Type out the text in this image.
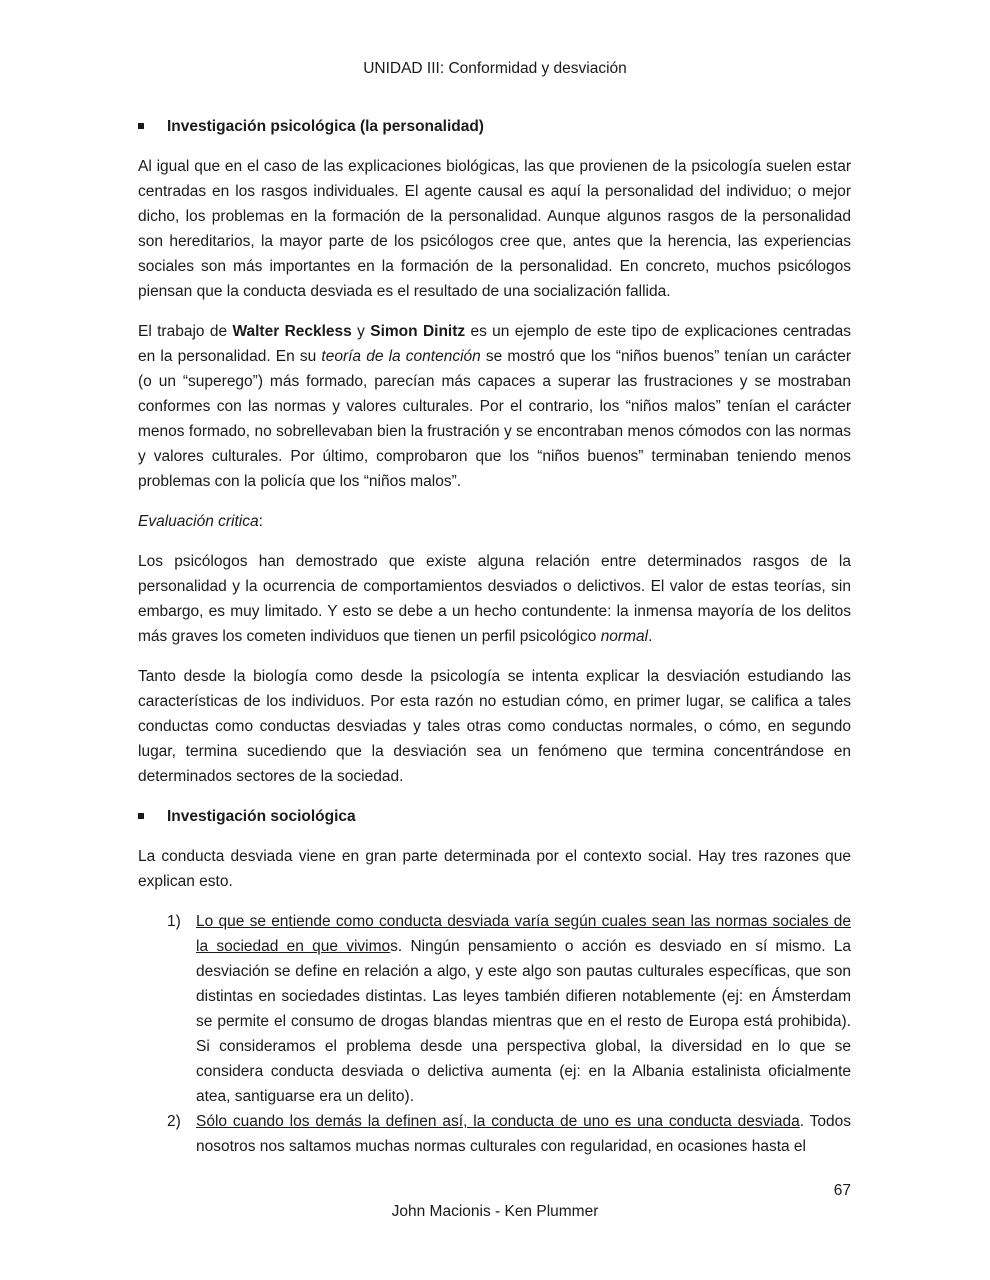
UNIDAD III: Conformidad y desviación
Investigación psicológica (la personalidad)

Al igual que en el caso de las explicaciones biológicas, las que provienen de la psicología suelen estar centradas en los rasgos individuales. El agente causal es aquí la personalidad del individuo; o mejor dicho, los problemas en la formación de la personalidad. Aunque algunos rasgos de la personalidad son hereditarios, la mayor parte de los psicólogos cree que, antes que la herencia, las experiencias sociales son más importantes en la formación de la personalidad. En concreto, muchos psicólogos piensan que la conducta desviada es el resultado de una socialización fallida.

El trabajo de Walter Reckless y Simon Dinitz es un ejemplo de este tipo de explicaciones centradas en la personalidad. En su teoría de la contención se mostró que los “niños buenos” tenían un carácter (o un “superego”) más formado, parecían más capaces a superar las frustraciones y se mostraban conformes con las normas y valores culturales. Por el contrario, los “niños malos” tenían el carácter menos formado, no sobrellevaban bien la frustración y se encontraban menos cómodos con las normas y valores culturales. Por último, comprobaron que los “niños buenos” terminaban teniendo menos problemas con la policía que los “niños malos”.

Evaluación critica:

Los psicólogos han demostrado que existe alguna relación entre determinados rasgos de la personalidad y la ocurrencia de comportamientos desviados o delictivos. El valor de estas teorías, sin embargo, es muy limitado. Y esto se debe a un hecho contundente: la inmensa mayoría de los delitos más graves los cometen individuos que tienen un perfil psicológico normal.

Tanto desde la biología como desde la psicología se intenta explicar la desviación estudiando las características de los individuos. Por esta razón no estudian cómo, en primer lugar, se califica a tales conductas como conductas desviadas y tales otras como conductas normales, o cómo, en segundo lugar, termina sucediendo que la desviación sea un fenómeno que termina concentrándose en determinados sectores de la sociedad.

Investigación sociológica

La conducta desviada viene en gran parte determinada por el contexto social. Hay tres razones que explican esto.

1) Lo que se entiende como conducta desviada varía según cuales sean las normas sociales de la sociedad en que vivimos. Ningún pensamiento o acción es desviado en sí mismo. La desviación se define en relación a algo, y este algo son pautas culturales específicas, que son distintas en sociedades distintas. Las leyes también difieren notablemente (ej: en Ámsterdam se permite el consumo de drogas blandas mientras que en el resto de Europa está prohibida). Si consideramos el problema desde una perspectiva global, la diversidad en lo que se considera conducta desviada o delictiva aumenta (ej: en la Albania estalinista oficialmente atea, santiguarse era un delito).
2) Sólo cuando los demás la definen así, la conducta de uno es una conducta desviada. Todos nosotros nos saltamos muchas normas culturales con regularidad, en ocasiones hasta el
67
John Macionis - Ken Plummer
